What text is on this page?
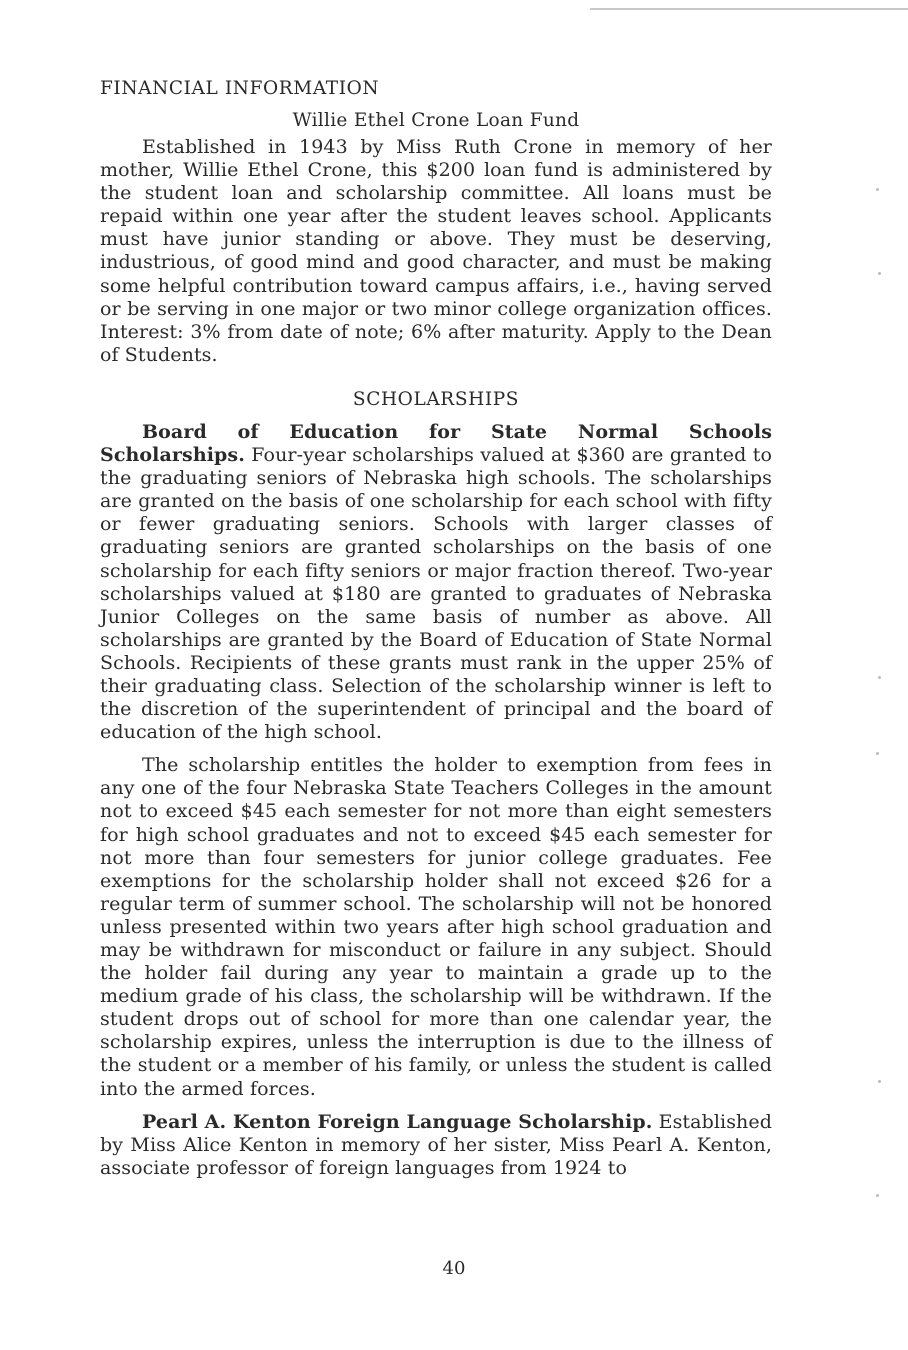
FINANCIAL INFORMATION
Willie Ethel Crone Loan Fund

Established in 1943 by Miss Ruth Crone in memory of her mother, Willie Ethel Crone, this $200 loan fund is administered by the student loan and scholarship committee. All loans must be repaid within one year after the student leaves school. Applicants must have junior standing or above. They must be deserving, industrious, of good mind and good character, and must be making some helpful contribution toward campus affairs, i.e., having served or be serving in one major or two minor college organization offices. Interest: 3% from date of note; 6% after maturity. Apply to the Dean of Students.

SCHOLARSHIPS

Board of Education for State Normal Schools Scholarships. Four-year scholarships valued at $360 are granted to the graduating seniors of Nebraska high schools. The scholarships are granted on the basis of one scholarship for each school with fifty or fewer graduating seniors. Schools with larger classes of graduating seniors are granted scholarships on the basis of one scholarship for each fifty seniors or major fraction thereof. Two-year scholarships valued at $180 are granted to graduates of Nebraska Junior Colleges on the same basis of number as above. All scholarships are granted by the Board of Education of State Normal Schools. Recipients of these grants must rank in the upper 25% of their graduating class. Selection of the scholarship winner is left to the discretion of the superintendent of principal and the board of education of the high school.

The scholarship entitles the holder to exemption from fees in any one of the four Nebraska State Teachers Colleges in the amount not to exceed $45 each semester for not more than eight semesters for high school graduates and not to exceed $45 each semester for not more than four semesters for junior college graduates. Fee exemptions for the scholarship holder shall not exceed $26 for a regular term of summer school. The scholarship will not be honored unless presented within two years after high school graduation and may be withdrawn for misconduct or failure in any subject. Should the holder fail during any year to maintain a grade up to the medium grade of his class, the scholarship will be withdrawn. If the student drops out of school for more than one calendar year, the scholarship expires, unless the interruption is due to the illness of the student or a member of his family, or unless the student is called into the armed forces.

Pearl A. Kenton Foreign Language Scholarship. Established by Miss Alice Kenton in memory of her sister, Miss Pearl A. Kenton, associate professor of foreign languages from 1924 to

40
